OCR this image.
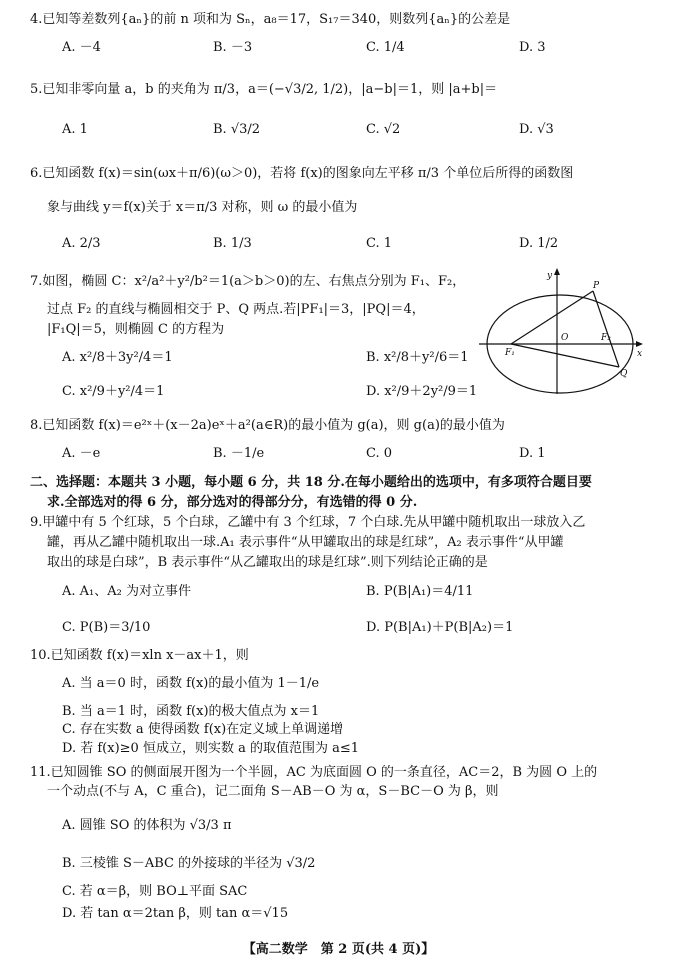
4.已知等差数列{aₙ}的前 n 项和为 Sₙ，a₈＝17，S₁₇＝340，则数列{aₙ}的公差是
A. －4	B. －3	C. 1/4	D. 3
5.已知非零向量 a，b 的夹角为 π/3，a＝(−√3/2, 1/2)，|a−b|＝1，则 |a+b|＝
A. 1	B. √3/2	C. √2	D. √3
6.已知函数 f(x)＝sin(ωx＋π/6)(ω＞0)，若将 f(x)的图象向左平移 π/3 个单位后所得的函数图
象与曲线 y＝f(x)关于 x＝π/3 对称，则 ω 的最小值为
A. 2/3	B. 1/3	C. 1	D. 1/2
7.如图，椭圆 C：x²/a²＋y²/b²＝1(a＞b＞0)的左、右焦点分别为 F₁、F₂，
过点 F₂ 的直线与椭圆相交于 P、Q 两点.若|PF₁|＝3，|PQ|＝4，
|F₁Q|＝5，则椭圆 C 的方程为
A. x²/8＋3y²/4＝1	B. x²/8＋y²/6＝1
C. x²/9＋y²/4＝1	D. x²/9＋2y²/9＝1
y
x
O
P
Q
F₁
F₂
8.已知函数 f(x)＝e²ˣ＋(x－2a)eˣ＋a²(a∈R)的最小值为 g(a)，则 g(a)的最小值为
A. －e	B. －1/e	C. 0	D. 1
二、选择题：本题共 3 小题，每小题 6 分，共 18 分.在每小题给出的选项中，有多项符合题目要
求.全部选对的得 6 分，部分选对的得部分分，有选错的得 0 分.
9.甲罐中有 5 个红球，5 个白球，乙罐中有 3 个红球，7 个白球.先从甲罐中随机取出一球放入乙
罐，再从乙罐中随机取出一球.A₁ 表示事件“从甲罐取出的球是红球”，A₂ 表示事件“从甲罐
取出的球是白球”，B 表示事件“从乙罐取出的球是红球”.则下列结论正确的是
A. A₁、A₂ 为对立事件	B. P(B|A₁)＝4/11
C. P(B)＝3/10	D. P(B|A₁)＋P(B|A₂)＝1
10.已知函数 f(x)＝xln x－ax＋1，则
A. 当 a＝0 时，函数 f(x)的最小值为 1－1/e
B. 当 a＝1 时，函数 f(x)的极大值点为 x＝1
C. 存在实数 a 使得函数 f(x)在定义域上单调递增
D. 若 f(x)≥0 恒成立，则实数 a 的取值范围为 a≤1
11.已知圆锥 SO 的侧面展开图为一个半圆，AC 为底面圆 O 的一条直径，AC＝2，B 为圆 O 上的
一个动点(不与 A，C 重合)，记二面角 S－AB－O 为 α，S－BC－O 为 β，则
A. 圆锥 SO 的体积为 √3/3 π
B. 三棱锥 S－ABC 的外接球的半径为 √3/2
C. 若 α＝β，则 BO⊥平面 SAC
D. 若 tan α＝2tan β，则 tan α＝√15
【高二数学　第 2 页(共 4 页)】
